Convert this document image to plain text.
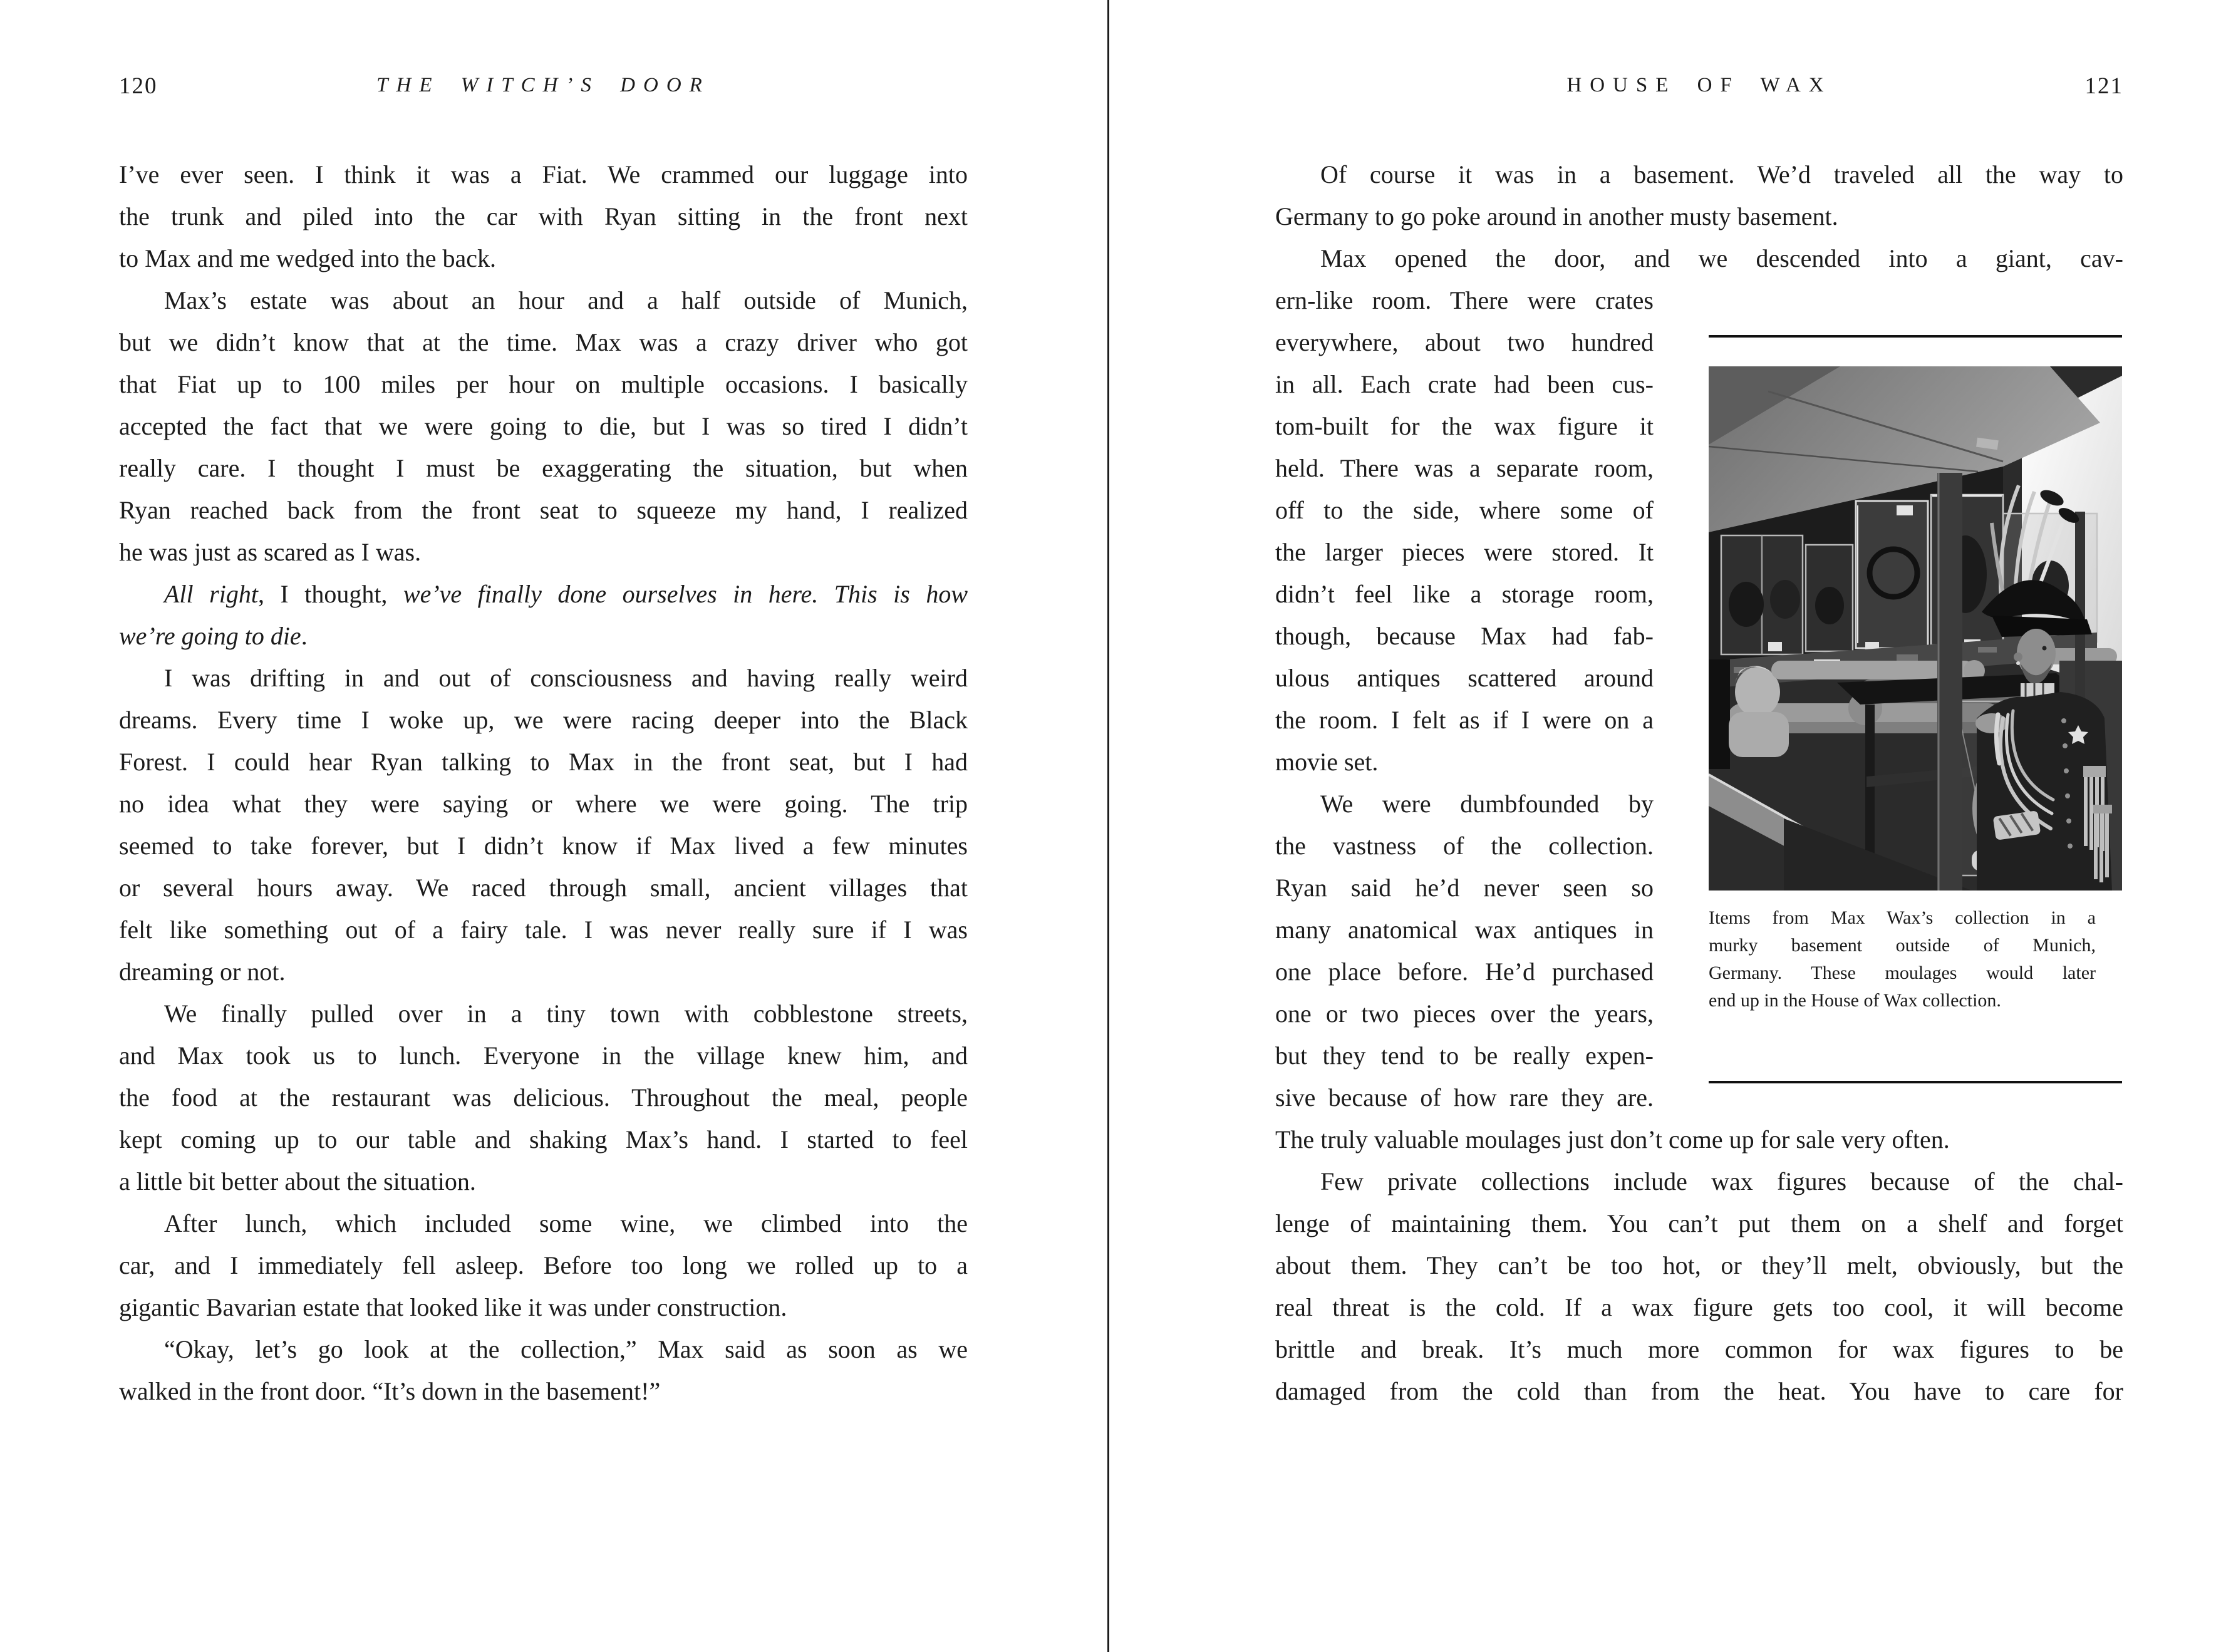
120	THE WITCH’S DOOR
I’ve ever seen. I think it was a Fiat. We crammed our luggage into
the trunk and piled into the car with Ryan sitting in the front next
to Max and me wedged into the back.
Max’s estate was about an hour and a half outside of Munich,
but we didn’t know that at the time. Max was a crazy driver who got
that Fiat up to 100 miles per hour on multiple occasions. I basically
accepted the fact that we were going to die, but I was so tired I didn’t
really care. I thought I must be exaggerating the situation, but when
Ryan reached back from the front seat to squeeze my hand, I realized
he was just as scared as I was.
All right, I thought, we’ve finally done ourselves in here. This is how
we’re going to die.
I was drifting in and out of consciousness and having really weird
dreams. Every time I woke up, we were racing deeper into the Black
Forest. I could hear Ryan talking to Max in the front seat, but I had
no idea what they were saying or where we were going. The trip
seemed to take forever, but I didn’t know if Max lived a few minutes
or several hours away. We raced through small, ancient villages that
felt like something out of a fairy tale. I was never really sure if I was
dreaming or not.
We finally pulled over in a tiny town with cobblestone streets,
and Max took us to lunch. Everyone in the village knew him, and
the food at the restaurant was delicious. Throughout the meal, people
kept coming up to our table and shaking Max’s hand. I started to feel
a little bit better about the situation.
After lunch, which included some wine, we climbed into the
car, and I immediately fell asleep. Before too long we rolled up to a
gigantic Bavarian estate that looked like it was under construction.
“Okay, let’s go look at the collection,” Max said as soon as we
walked in the front door. “It’s down in the basement!”
HOUSE OF WAX	121
Of course it was in a basement. We’d traveled all the way to
Germany to go poke around in another musty basement.
Max opened the door, and we descended into a giant, cav-
ern-like room. There were crates
everywhere, about two hundred
in all. Each crate had been cus-
tom-built for the wax figure it
held. There was a separate room,
off to the side, where some of
the larger pieces were stored. It
didn’t feel like a storage room,
though, because Max had fab-
ulous antiques scattered around
the room. I felt as if I were on a
movie set.
We were dumbfounded by
the vastness of the collection.
Ryan said he’d never seen so
many anatomical wax antiques in
one place before. He’d purchased
one or two pieces over the years,
but they tend to be really expen-
sive because of how rare they are.
The truly valuable moulages just don’t come up for sale very often.
Few private collections include wax figures because of the chal-
lenge of maintaining them. You can’t put them on a shelf and forget
about them. They can’t be too hot, or they’ll melt, obviously, but the
real threat is the cold. If a wax figure gets too cool, it will become
brittle and break. It’s much more common for wax figures to be
damaged from the cold than from the heat. You have to care for
Items from Max Wax’s collection in a
murky basement outside of Munich,
Germany. These moulages would later
end up in the House of Wax collection.
